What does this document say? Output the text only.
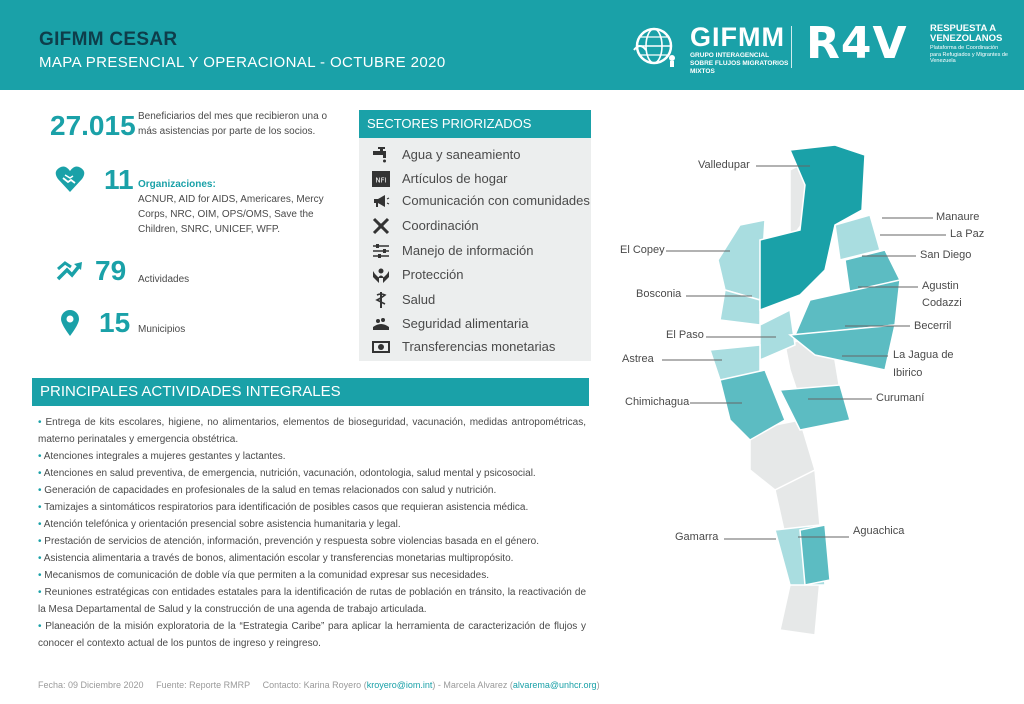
GIFMM CESAR
MAPA PRESENCIAL Y OPERACIONAL - OCTUBRE 2020
GIFMM
GRUPO INTERAGENCIAL SOBRE FLUJOS MIGRATORIOS MIXTOS
R4V RESPUESTA A VENEZOLANOS
Plataforma de Coordinación para Refugiados y Migrantes de Venezuela
27.015 Beneficiarios del mes que recibieron una o más asistencias por parte de los socios.
11 Organizaciones:
ACNUR, AID for AIDS, Americares, Mercy Corps, NRC, OIM, OPS/OMS, Save the Children, SNRC, UNICEF, WFP.
79 Actividades
15 Municipios
SECTORES PRIORIZADOS
Agua y saneamiento
NFI Artículos de hogar
Comunicación con comunidades
Coordinación
Manejo de información
Protección
Salud
Seguridad alimentaria
Transferencias monetarias
PRINCIPALES ACTIVIDADES INTEGRALES

• Entrega de kits escolares, higiene, no alimentarios, elementos de bioseguridad, vacunación, medidas antropométricas, materno perinatales y emergencia obstétrica.

• Atenciones integrales a mujeres gestantes y lactantes.

• Atenciones en salud preventiva, de emergencia, nutrición, vacunación, odontologia, salud mental y psicosocial.

• Generación de capacidades en profesionales de la salud en temas relacionados con salud y nutrición.

• Tamizajes a sintomáticos respiratorios para identificación de posibles casos que requieran asistencia médica.

• Atención telefónica y orientación presencial sobre asistencia humanitaria y legal.

• Prestación de servicios de atención, información, prevención y respuesta sobre violencias basada en el género.

• Asistencia alimentaria a través de bonos, alimentación escolar y transferencias monetarias multipropósito.

• Mecanismos de comunicación de doble vía que permiten a la comunidad expresar sus necesidades.

• Reuniones estratégicas con entidades estatales para la identificación de rutas de población en tránsito, la reactivación de la Mesa Departamental de Salud y la construcción de una agenda de trabajo articulada.

• Planeación de la misión exploratoria de la “Estrategia Caribe” para aplicar la herramienta de caracterización de flujos y conocer el contexto actual de los puntos de ingreso y reingreso.

Fecha: 09 Diciembre 2020 Fuente: Reporte RMRP Contacto: Karina Royero (kroyero@iom.int) - Marcela Alvarez (alvarema@unhcr.org)
Valledupar
Manaure
La Paz
El Copey	San Diego
Agustin
Codazzi
Bosconia
Becerril
El Paso
Astrea	La Jagua de
Ibirico
Curumaní
Chimichagua
Aguachica
Gamarra
